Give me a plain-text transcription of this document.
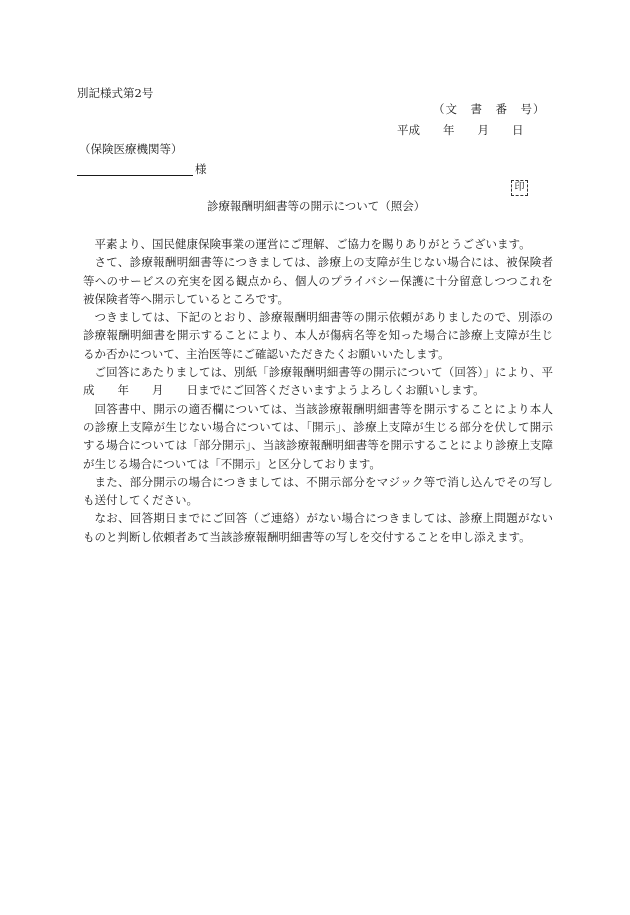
別記様式第2号
（文　書　番　号）
平成　　年　　月　　日
（保険医療機関等）
様
印
診療報酬明細書等の開示について（照会）

平素より、国民健康保険事業の運営にご理解、ご協力を賜りありがとうございます。

さて、診療報酬明細書等につきましては、診療上の支障が生じない場合には、被保険者等へのサービスの充実を図る観点から、個人のプライバシー保護に十分留意しつつこれを被保険者等へ開示しているところです。

つきましては、下記のとおり、診療報酬明細書等の開示依頼がありましたので、別添の診療報酬明細書を開示することにより、本人が傷病名等を知った場合に診療上支障が生じるか否かについて、主治医等にご確認いただきたくお願いいたします。

ご回答にあたりましては、別紙「診療報酬明細書等の開示について（回答）」により、平成　　年　　月　　日までにご回答くださいますようよろしくお願いします。

回答書中、開示の適否欄については、当該診療報酬明細書等を開示することにより本人の診療上支障が生じない場合については、「開示」、診療上支障が生じる部分を伏して開示する場合については「部分開示」、当該診療報酬明細書等を開示することにより診療上支障が生じる場合については「不開示」と区分しております。

また、部分開示の場合につきましては、不開示部分をマジック等で消し込んでその写しも送付してください。

なお、回答期日までにご回答（ご連絡）がない場合につきましては、診療上問題がないものと判断し依頼者あて当該診療報酬明細書等の写しを交付することを申し添えます。
